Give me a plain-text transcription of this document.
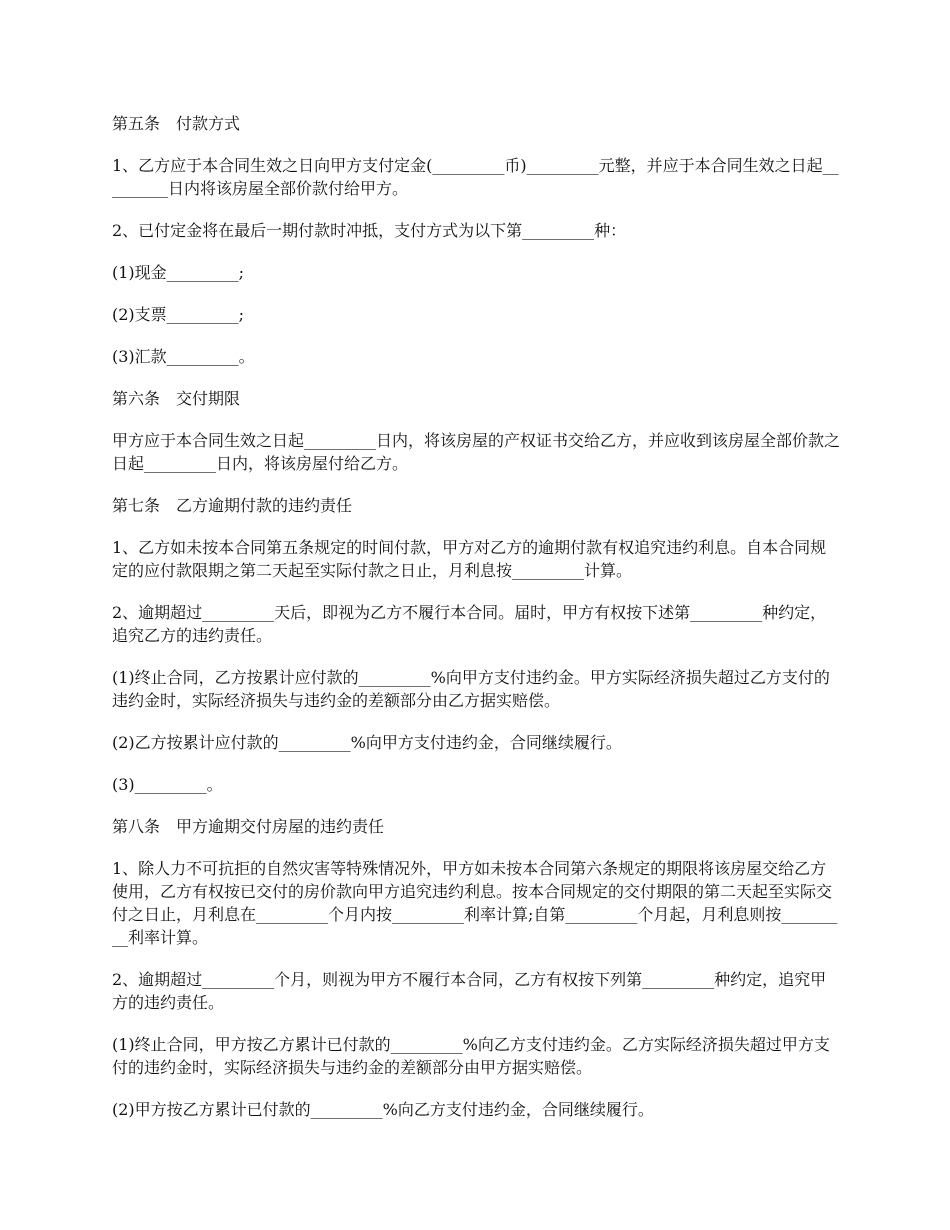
第五条　付款方式

1、乙方应于本合同生效之日向甲方支付定金(_________币)_________元整，并应于本合同生效之日起_________日内将该房屋全部价款付给甲方。

2、已付定金将在最后一期付款时冲抵，支付方式为以下第_________种：

(1)现金_________;

(2)支票_________;

(3)汇款_________。

第六条　交付期限

甲方应于本合同生效之日起_________日内，将该房屋的产权证书交给乙方，并应收到该房屋全部价款之日起_________日内，将该房屋付给乙方。

第七条　乙方逾期付款的违约责任

1、乙方如未按本合同第五条规定的时间付款，甲方对乙方的逾期付款有权追究违约利息。自本合同规定的应付款限期之第二天起至实际付款之日止，月利息按_________计算。

2、逾期超过_________天后，即视为乙方不履行本合同。届时，甲方有权按下述第_________种约定，追究乙方的违约责任。

(1)终止合同，乙方按累计应付款的_________%向甲方支付违约金。甲方实际经济损失超过乙方支付的违约金时，实际经济损失与违约金的差额部分由乙方据实赔偿。

(2)乙方按累计应付款的_________%向甲方支付违约金，合同继续履行。

(3)_________。

第八条　甲方逾期交付房屋的违约责任

1、除人力不可抗拒的自然灾害等特殊情况外，甲方如未按本合同第六条规定的期限将该房屋交给乙方使用，乙方有权按已交付的房价款向甲方追究违约利息。按本合同规定的交付期限的第二天起至实际交付之日止，月利息在_________个月内按_________利率计算;自第_________个月起，月利息则按_________利率计算。

2、逾期超过_________个月，则视为甲方不履行本合同，乙方有权按下列第_________种约定，追究甲方的违约责任。

(1)终止合同，甲方按乙方累计已付款的_________%向乙方支付违约金。乙方实际经济损失超过甲方支付的违约金时，实际经济损失与违约金的差额部分由甲方据实赔偿。

(2)甲方按乙方累计已付款的_________%向乙方支付违约金，合同继续履行。
